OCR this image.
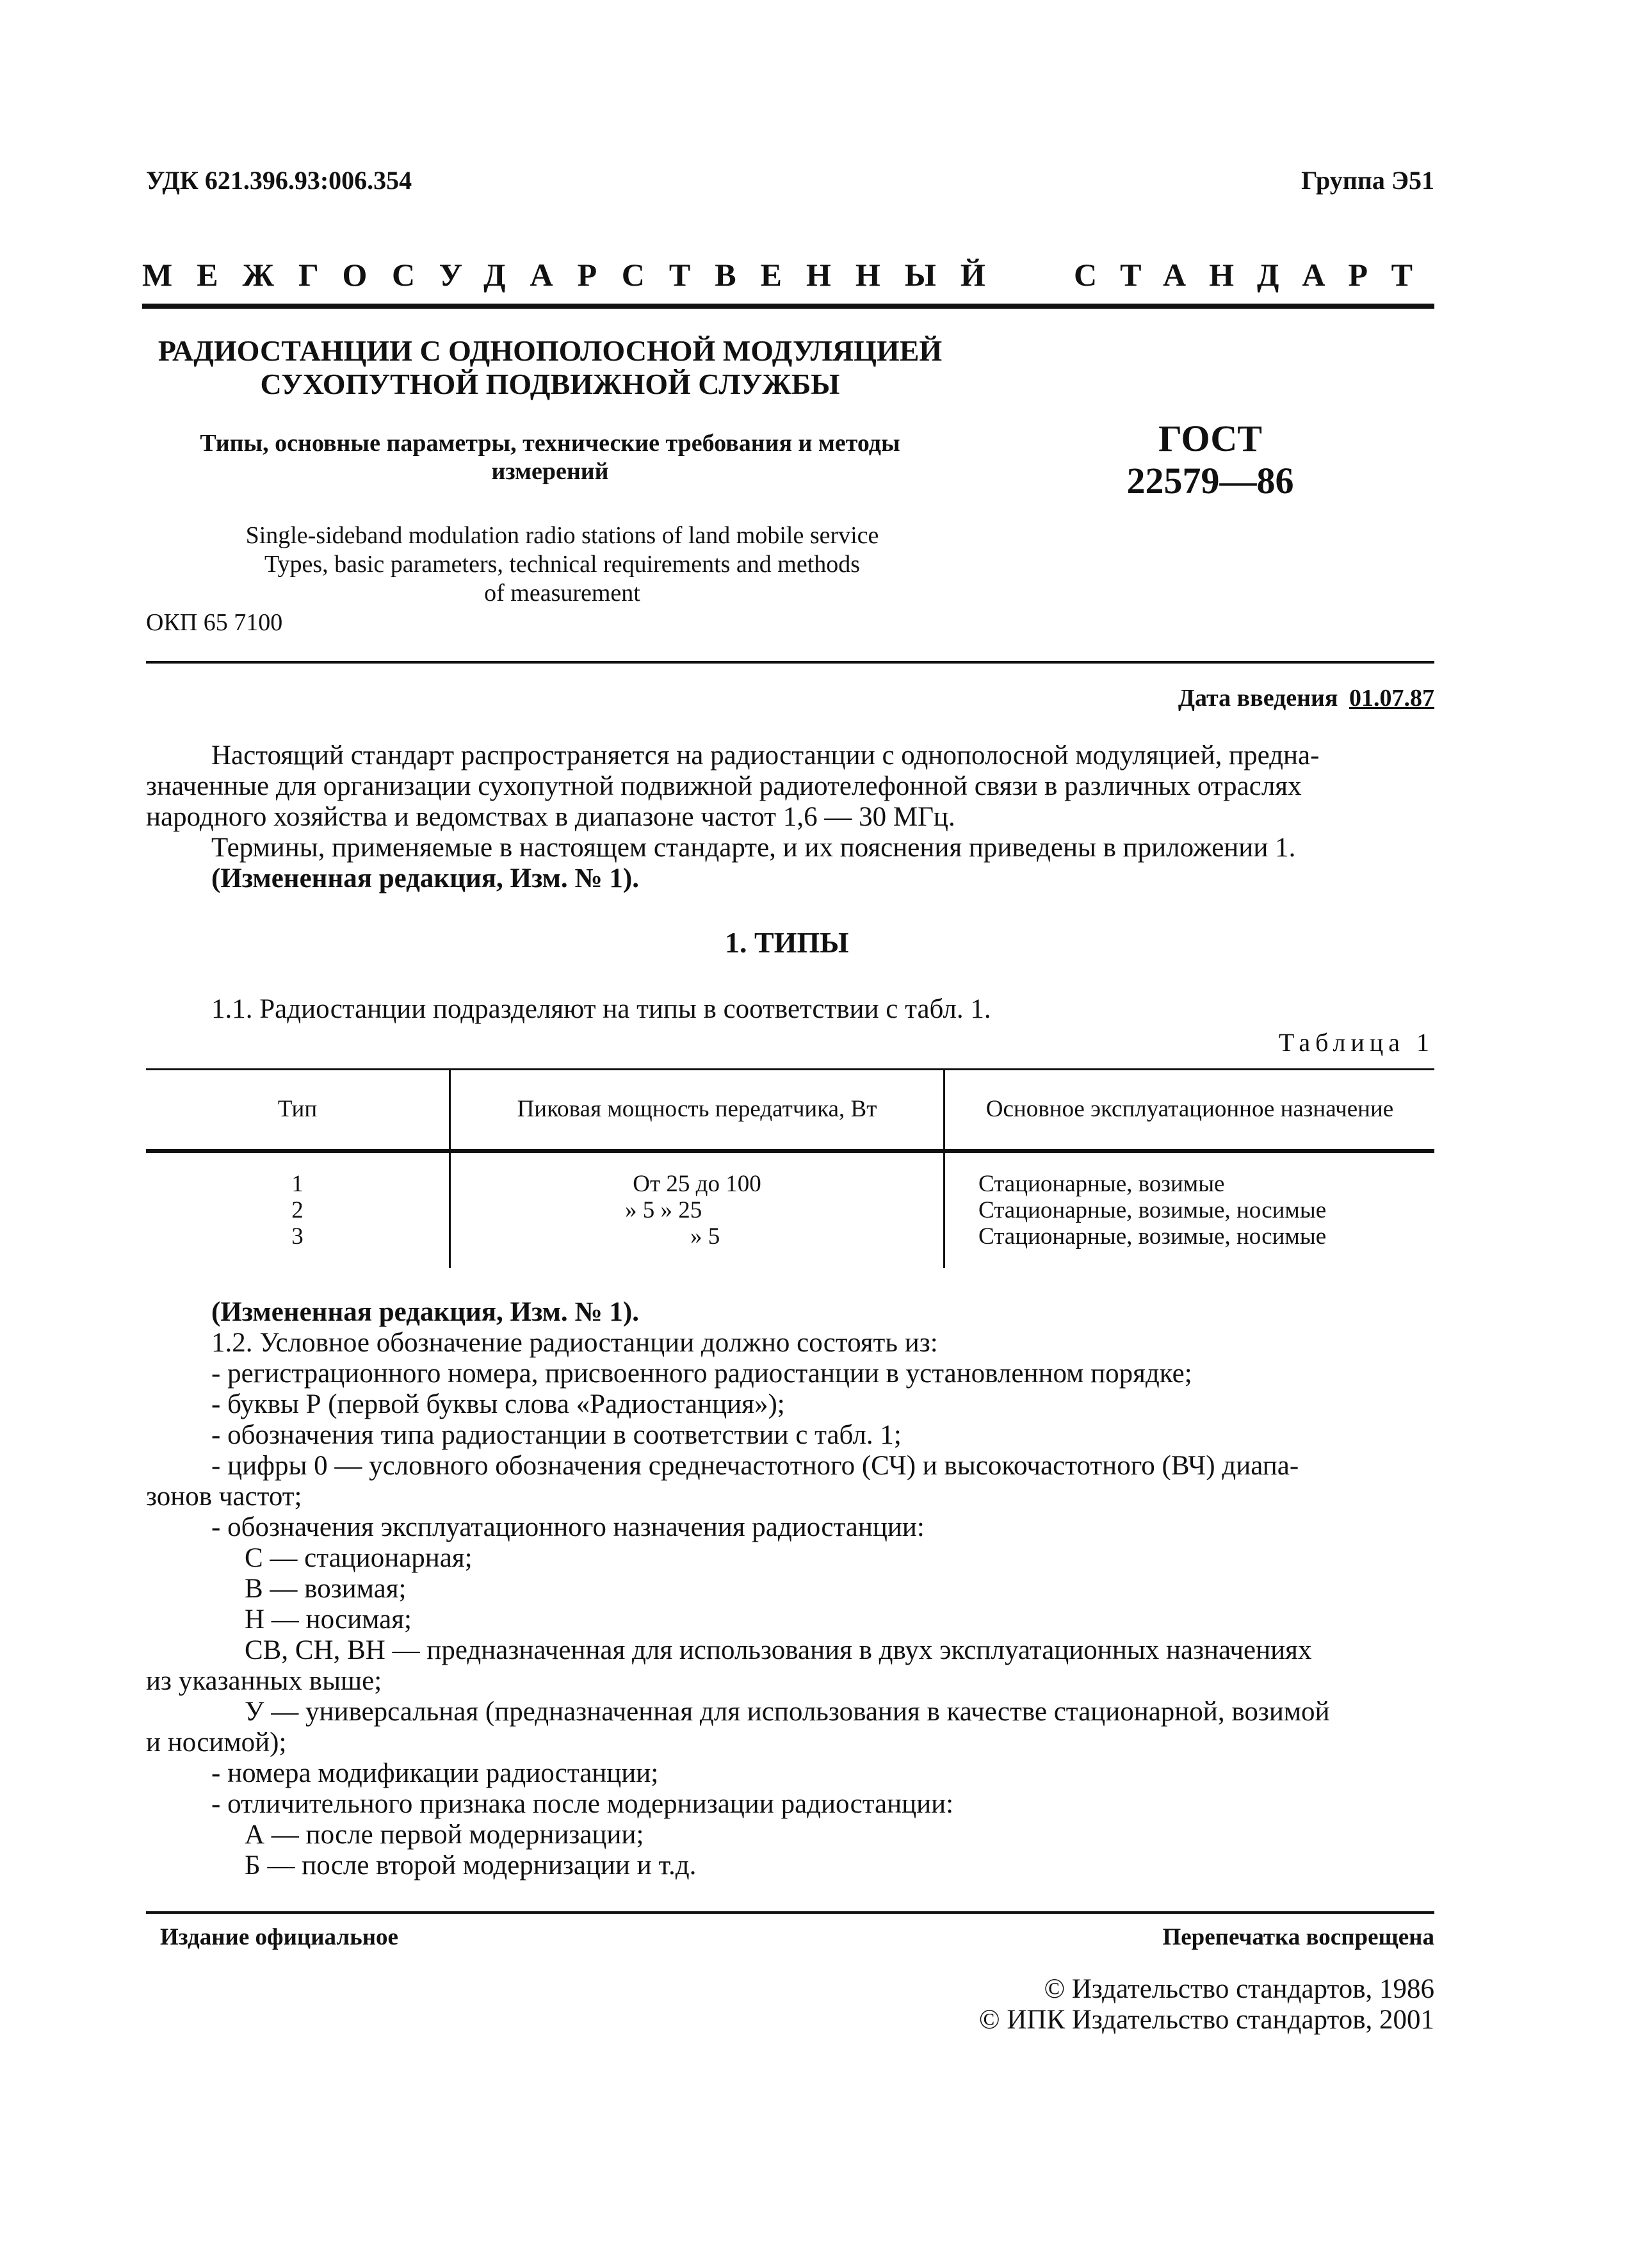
УДК 621.396.93:006.354	Группа Э51
МЕЖГОСУДАРСТВЕННЫЙ СТАНДАРТ
РАДИОСТАНЦИИ С ОДНОПОЛОСНОЙ МОДУЛЯЦИЕЙ
СУХОПУТНОЙ ПОДВИЖНОЙ СЛУЖБЫ
Типы, основные параметры, технические требования и методы
измерений
ГОСТ
22579—86
Single-sideband modulation radio stations of land mobile service
Types, basic parameters, technical requirements and methods
of measurement
ОКП 65 7100
Дата введения 01.07.87
Настоящий стандарт распространяется на радиостанции с однополосной модуляцией, предна-
значенные для организации сухопутной подвижной радиотелефонной связи в различных отраслях
народного хозяйства и ведомствах в диапазоне частот 1,6 — 30 МГц.
Термины, применяемые в настоящем стандарте, и их пояснения приведены в приложении 1.
(Измененная редакция, Изм. № 1).
1. ТИПЫ
1.1. Радиостанции подразделяют на типы в соответствии с табл. 1.
Таблица 1
Тип	Пиковая мощность передатчика, Вт	Основное эксплуатационное назначение
1	От 25 до 100	Стационарные, возимые
2	» 5 » 25	Стационарные, возимые, носимые
3	» 5	Стационарные, возимые, носимые
(Измененная редакция, Изм. № 1).
1.2. Условное обозначение радиостанции должно состоять из:
- регистрационного номера, присвоенного радиостанции в установленном порядке;
- буквы Р (первой буквы слова «Радиостанция»);
- обозначения типа радиостанции в соответствии с табл. 1;
- цифры 0 — условного обозначения среднечастотного (СЧ) и высокочастотного (ВЧ) диапа-
зонов частот;
- обозначения эксплуатационного назначения радиостанции:
С — стационарная;
В — возимая;
Н — носимая;
СВ, СН, ВН — предназначенная для использования в двух эксплуатационных назначениях
из указанных выше;
У — универсальная (предназначенная для использования в качестве стационарной, возимой
и носимой);
- номера модификации радиостанции;
- отличительного признака после модернизации радиостанции:
А — после первой модернизации;
Б — после второй модернизации и т.д.
Издание официальное	Перепечатка воспрещена
© Издательство стандартов, 1986
© ИПК Издательство стандартов, 2001
